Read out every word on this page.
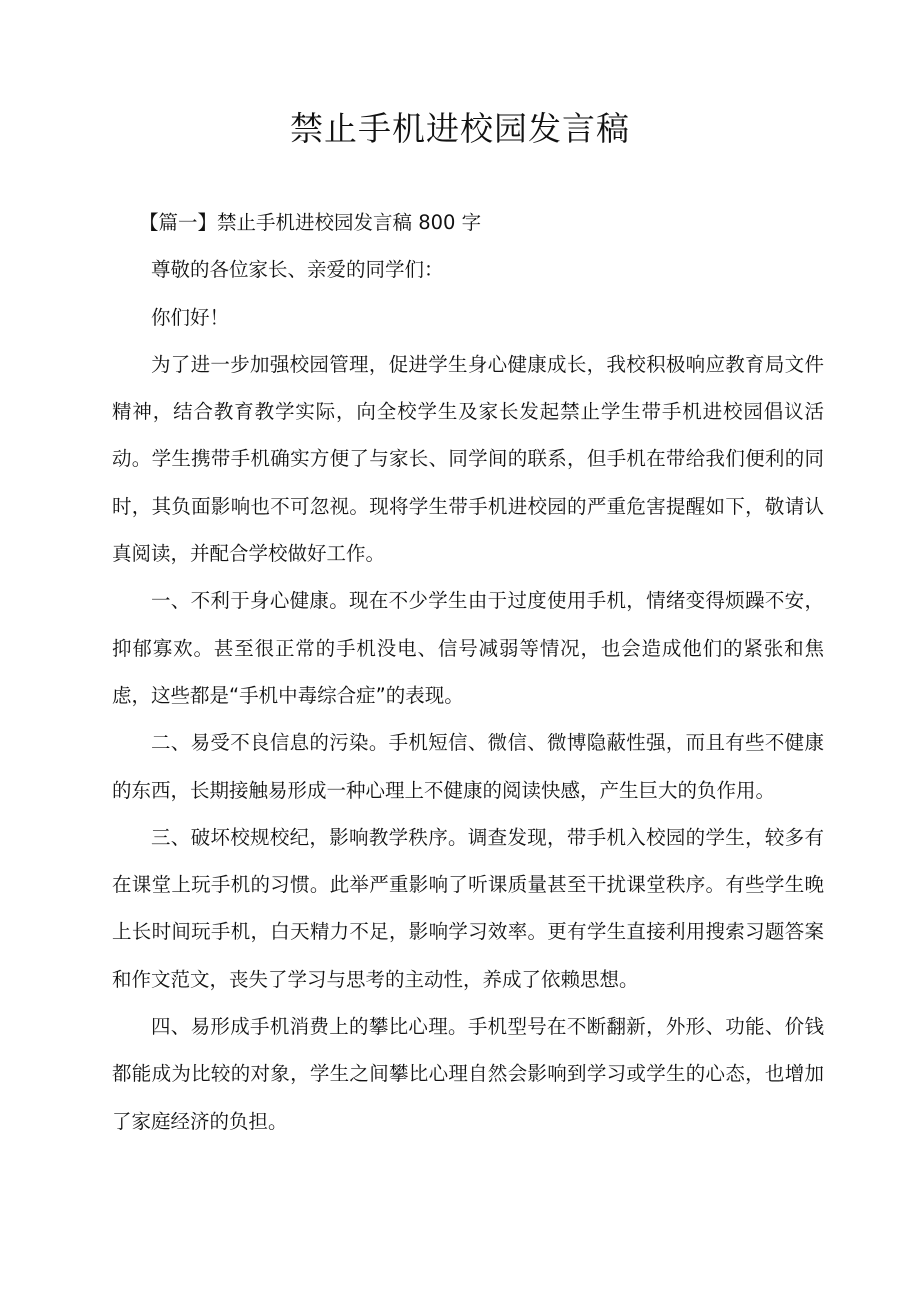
禁止手机进校园发言稿

【篇一】禁止手机进校园发言稿 800 字

尊敬的各位家长、亲爱的同学们：

你们好！

为了进一步加强校园管理，促进学生身心健康成长，我校积极响应教育局文件精神，结合教育教学实际，向全校学生及家长发起禁止学生带手机进校园倡议活动。学生携带手机确实方便了与家长、同学间的联系，但手机在带给我们便利的同时，其负面影响也不可忽视。现将学生带手机进校园的严重危害提醒如下，敬请认真阅读，并配合学校做好工作。

一、不利于身心健康。现在不少学生由于过度使用手机，情绪变得烦躁不安，抑郁寡欢。甚至很正常的手机没电、信号减弱等情况，也会造成他们的紧张和焦虑，这些都是“手机中毒综合症”的表现。

二、易受不良信息的污染。手机短信、微信、微博隐蔽性强，而且有些不健康的东西，长期接触易形成一种心理上不健康的阅读快感，产生巨大的负作用。

三、破坏校规校纪，影响教学秩序。调查发现，带手机入校园的学生，较多有在课堂上玩手机的习惯。此举严重影响了听课质量甚至干扰课堂秩序。有些学生晚上长时间玩手机，白天精力不足，影响学习效率。更有学生直接利用搜索习题答案和作文范文，丧失了学习与思考的主动性，养成了依赖思想。

四、易形成手机消费上的攀比心理。手机型号在不断翻新，外形、功能、价钱都能成为比较的对象，学生之间攀比心理自然会影响到学习或学生的心态，也增加了家庭经济的负担。
